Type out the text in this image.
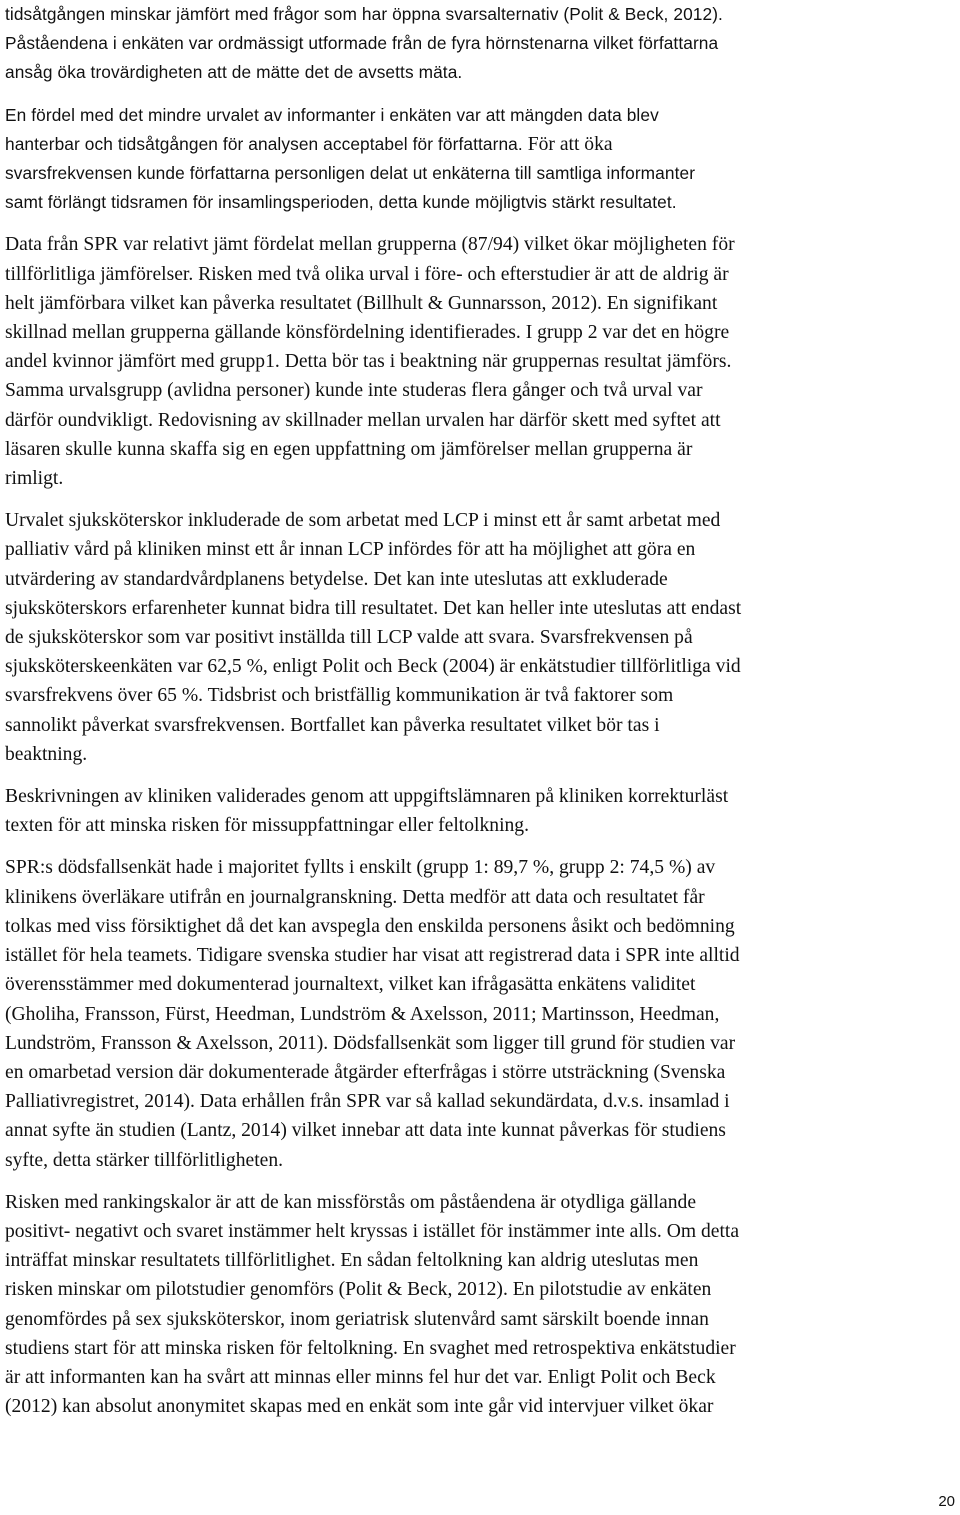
tidsåtgången minskar jämfört med frågor som har öppna svarsalternativ (Polit & Beck, 2012).
Påståendena i enkäten var ordmässigt utformade från de fyra hörnstenarna vilket författarna
ansåg öka trovärdigheten att de mätte det de avsetts mäta.
En fördel med det mindre urvalet av informanter i enkäten var att mängden data blev
hanterbar och tidsåtgången för analysen acceptabel för författarna. För att öka
svarsfrekvensen kunde författarna personligen delat ut enkäterna till samtliga informanter
samt förlängt tidsramen för insamlingsperioden, detta kunde möjligtvis stärkt resultatet.
Data från SPR var relativt jämt fördelat mellan grupperna (87/94) vilket ökar möjligheten för
tillförlitliga jämförelser. Risken med två olika urval i före- och efterstudier är att de aldrig är
helt jämförbara vilket kan påverka resultatet (Billhult & Gunnarsson, 2012). En signifikant
skillnad mellan grupperna gällande könsfördelning identifierades. I grupp 2 var det en högre
andel kvinnor jämfört med grupp1. Detta bör tas i beaktning när gruppernas resultat jämförs.
Samma urvalsgrupp (avlidna personer) kunde inte studeras flera gånger och två urval var
därför oundvikligt. Redovisning av skillnader mellan urvalen har därför skett med syftet att
läsaren skulle kunna skaffa sig en egen uppfattning om jämförelser mellan grupperna är
rimligt.
Urvalet sjuksköterskor inkluderade de som arbetat med LCP i minst ett år samt arbetat med
palliativ vård på kliniken minst ett år innan LCP infördes för att ha möjlighet att göra en
utvärdering av standardvårdplanens betydelse. Det kan inte uteslutas att exkluderade
sjuksköterskors erfarenheter kunnat bidra till resultatet. Det kan heller inte uteslutas att endast
de sjuksköterskor som var positivt inställda till LCP valde att svara. Svarsfrekvensen på
sjuksköterskeenkäten var 62,5 %, enligt Polit och Beck (2004) är enkätstudier tillförlitliga vid
svarsfrekvens över 65 %. Tidsbrist och bristfällig kommunikation är två faktorer som
sannolikt påverkat svarsfrekvensen. Bortfallet kan påverka resultatet vilket bör tas i
beaktning.
Beskrivningen av kliniken validerades genom att uppgiftslämnaren på kliniken korrekturläst
texten för att minska risken för missuppfattningar eller feltolkning.
SPR:s dödsfallsenkät hade i majoritet fyllts i enskilt (grupp 1: 89,7 %, grupp 2: 74,5 %) av
klinikens överläkare utifrån en journalgranskning. Detta medför att data och resultatet får
tolkas med viss försiktighet då det kan avspegla den enskilda personens åsikt och bedömning
istället för hela teamets. Tidigare svenska studier har visat att registrerad data i SPR inte alltid
överensstämmer med dokumenterad journaltext, vilket kan ifrågasätta enkätens validitet
(Gholiha, Fransson, Fürst, Heedman, Lundström & Axelsson, 2011; Martinsson, Heedman,
Lundström, Fransson & Axelsson, 2011). Dödsfallsenkät som ligger till grund för studien var
en omarbetad version där dokumenterade åtgärder efterfrågas i större utsträckning (Svenska
Palliativregistret, 2014). Data erhållen från SPR var så kallad sekundärdata, d.v.s. insamlad i
annat syfte än studien (Lantz, 2014) vilket innebar att data inte kunnat påverkas för studiens
syfte, detta stärker tillförlitligheten.
Risken med rankingskalor är att de kan missförstås om påståendena är otydliga gällande
positivt- negativt och svaret instämmer helt kryssas i istället för instämmer inte alls. Om detta
inträffat minskar resultatets tillförlitlighet. En sådan feltolkning kan aldrig uteslutas men
risken minskar om pilotstudier genomförs (Polit & Beck, 2012). En pilotstudie av enkäten
genomfördes på sex sjuksköterskor, inom geriatrisk slutenvård samt särskilt boende innan
studiens start för att minska risken för feltolkning. En svaghet med retrospektiva enkätstudier
är att informanten kan ha svårt att minnas eller minns fel hur det var. Enligt Polit och Beck
(2012) kan absolut anonymitet skapas med en enkät som inte går vid intervjuer vilket ökar
20
